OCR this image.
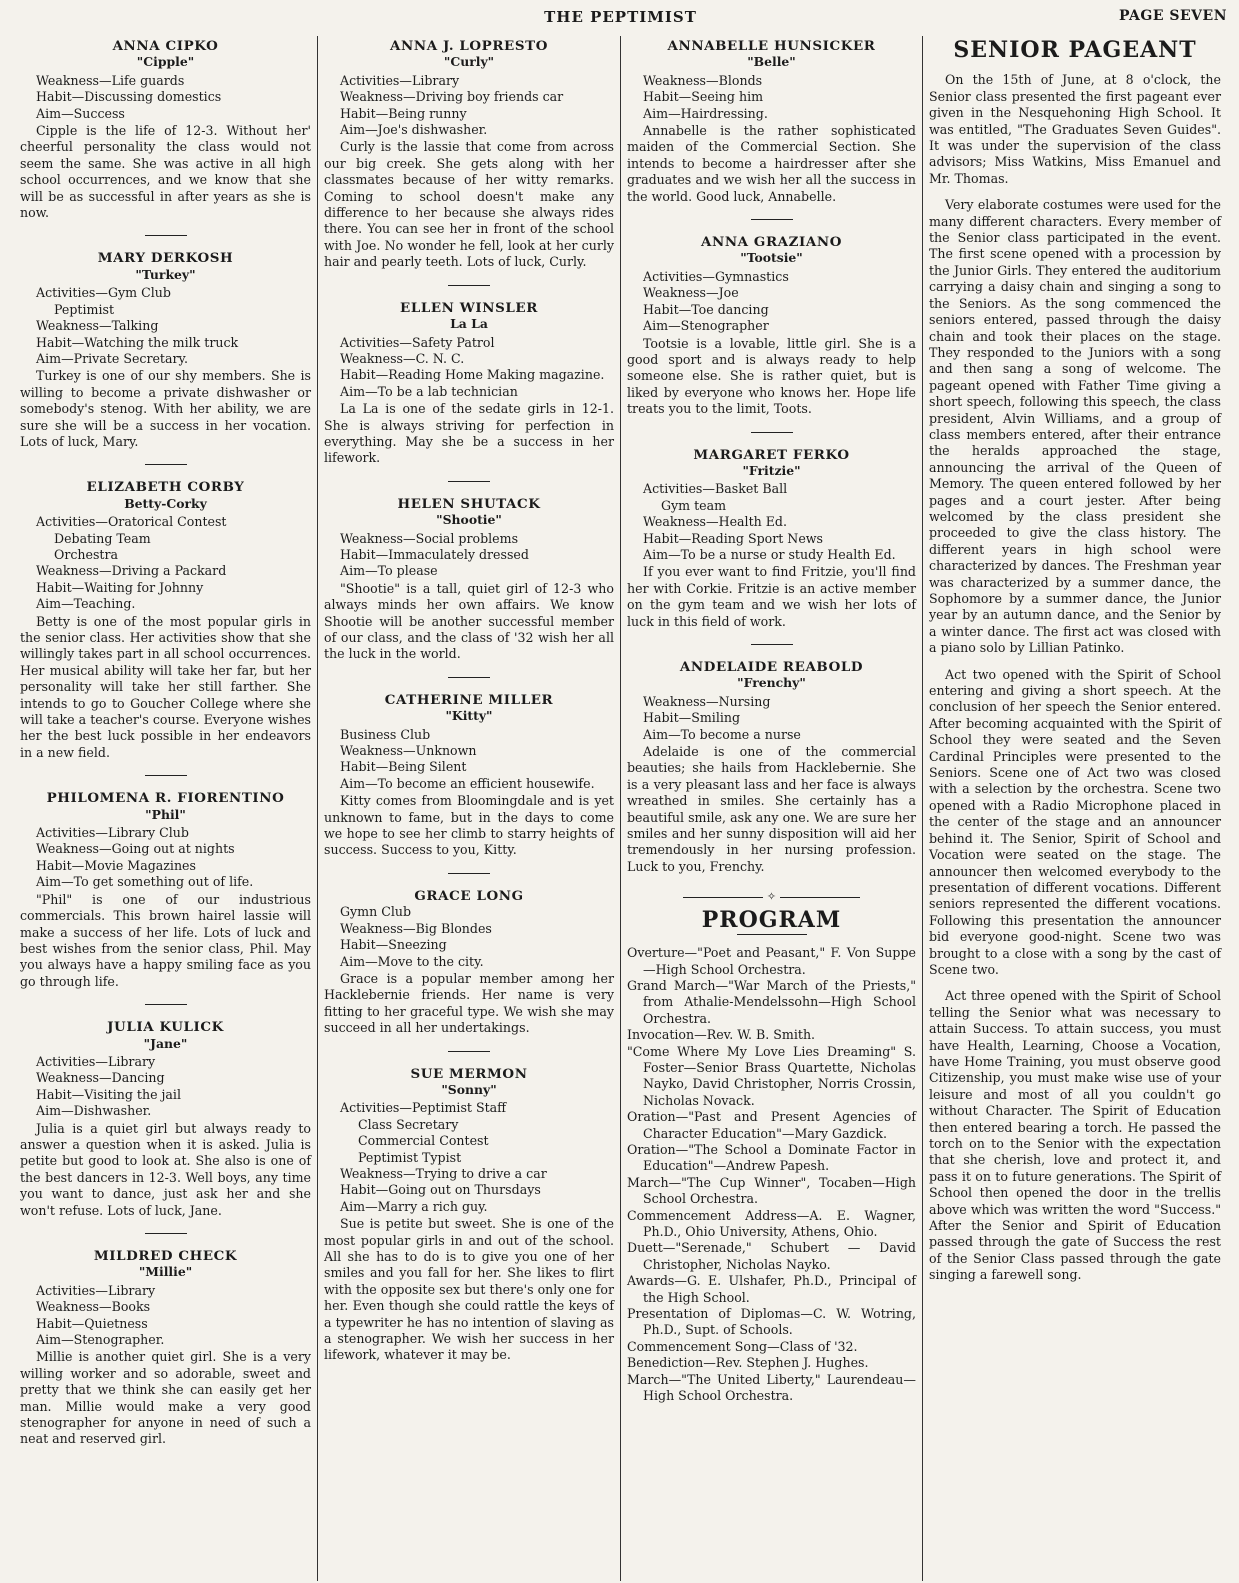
THE PEPTIMIST	PAGE SEVEN
ANNA CIPKO
"Cipple"
Weakness—Life guards
Habit—Discussing domestics
Aim—Success
Cipple is the life of 12-3. Without her' cheerful personality the class would not seem the same. She was active in all high school occurrences, and we know that she will be as successful in after years as she is now.
MARY DERKOSH
"Turkey"
Activities—Gym Club
Peptimist
Weakness—Talking
Habit—Watching the milk truck
Aim—Private Secretary.
Turkey is one of our shy members. She is willing to become a private dishwasher or somebody's stenog. With her ability, we are sure she will be a success in her vocation. Lots of luck, Mary.
ELIZABETH CORBY
Betty-Corky
Activities—Oratorical Contest
Debating Team
Orchestra
Weakness—Driving a Packard
Habit—Waiting for Johnny
Aim—Teaching.
Betty is one of the most popular girls in the senior class. Her activities show that she willingly takes part in all school occurrences. Her musical ability will take her far, but her personality will take her still farther. She intends to go to Goucher College where she will take a teacher's course. Everyone wishes her the best luck possible in her endeavors in a new field.
PHILOMENA R. FIORENTINO
"Phil"
Activities—Library Club
Weakness—Going out at nights
Habit—Movie Magazines
Aim—To get something out of life.
"Phil" is one of our industrious commercials. This brown hairel lassie will make a success of her life. Lots of luck and best wishes from the senior class, Phil. May you always have a happy smiling face as you go through life.
JULIA KULICK
"Jane"
Activities—Library
Weakness—Dancing
Habit—Visiting the jail
Aim—Dishwasher.
Julia is a quiet girl but always ready to answer a question when it is asked. Julia is petite but good to look at. She also is one of the best dancers in 12-3. Well boys, any time you want to dance, just ask her and she won't refuse. Lots of luck, Jane.
MILDRED CHECK
"Millie"
Activities—Library
Weakness—Books
Habit—Quietness
Aim—Stenographer.
Millie is another quiet girl. She is a very willing worker and so adorable, sweet and pretty that we think she can easily get her man. Millie would make a very good stenographer for anyone in need of such a neat and reserved girl.
ANNA J. LOPRESTO
"Curly"
Activities—Library
Weakness—Driving boy friends car
Habit—Being runny
Aim—Joe's dishwasher.
Curly is the lassie that come from across our big creek. She gets along with her classmates because of her witty remarks. Coming to school doesn't make any difference to her because she always rides there. You can see her in front of the school with Joe. No wonder he fell, look at her curly hair and pearly teeth. Lots of luck, Curly.
ELLEN WINSLER
La La
Activities—Safety Patrol
Weakness—C. N. C.
Habit—Reading Home Making magazine.
Aim—To be a lab technician
La La is one of the sedate girls in 12-1. She is always striving for perfection in everything. May she be a success in her lifework.
HELEN SHUTACK
"Shootie"
Weakness—Social problems
Habit—Immaculately dressed
Aim—To please
"Shootie" is a tall, quiet girl of 12-3 who always minds her own affairs. We know Shootie will be another successful member of our class, and the class of '32 wish her all the luck in the world.
CATHERINE MILLER
"Kitty"
Business Club
Weakness—Unknown
Habit—Being Silent
Aim—To become an efficient housewife.
Kitty comes from Bloomingdale and is yet unknown to fame, but in the days to come we hope to see her climb to starry heights of success. Success to you, Kitty.
GRACE LONG
Gymn Club
Weakness—Big Blondes
Habit—Sneezing
Aim—Move to the city.
Grace is a popular member among her Hacklebernie friends. Her name is very fitting to her graceful type. We wish she may succeed in all her undertakings.
SUE MERMON
"Sonny"
Activities—Peptimist Staff
Class Secretary
Commercial Contest
Peptimist Typist
Weakness—Trying to drive a car
Habit—Going out on Thursdays
Aim—Marry a rich guy.
Sue is petite but sweet. She is one of the most popular girls in and out of the school. All she has to do is to give you one of her smiles and you fall for her. She likes to flirt with the opposite sex but there's only one for her. Even though she could rattle the keys of a typewriter he has no intention of slaving as a stenographer. We wish her success in her lifework, whatever it may be.
ANNABELLE HUNSICKER
"Belle"
Weakness—Blonds
Habit—Seeing him
Aim—Hairdressing.
Annabelle is the rather sophisticated maiden of the Commercial Section. She intends to become a hairdresser after she graduates and we wish her all the success in the world. Good luck, Annabelle.
ANNA GRAZIANO
"Tootsie"
Activities—Gymnastics
Weakness—Joe
Habit—Toe dancing
Aim—Stenographer
Tootsie is a lovable, little girl. She is a good sport and is always ready to help someone else. She is rather quiet, but is liked by everyone who knows her. Hope life treats you to the limit, Toots.
MARGARET FERKO
"Fritzie"
Activities—Basket Ball
Gym team
Weakness—Health Ed.
Habit—Reading Sport News
Aim—To be a nurse or study Health Ed.
If you ever want to find Fritzie, you'll find her with Corkie. Fritzie is an active member on the gym team and we wish her lots of luck in this field of work.
ANDELAIDE REABOLD
"Frenchy"
Weakness—Nursing
Habit—Smiling
Aim—To become a nurse
Adelaide is one of the commercial beauties; she hails from Hacklebernie. She is a very pleasant lass and her face is always wreathed in smiles. She certainly has a beautiful smile, ask any one. We are sure her smiles and her sunny disposition will aid her tremendously in her nursing profession. Luck to you, Frenchy.
✧
PROGRAM
Overture—"Poet and Peasant," F. Von Suppe—High School Orchestra.
Grand March—"War March of the Priests," from Athalie-Mendelssohn—High School Orchestra.
Invocation—Rev. W. B. Smith.
"Come Where My Love Lies Dreaming" S. Foster—Senior Brass Quartette, Nicholas Nayko, David Christopher, Norris Crossin, Nicholas Novack.
Oration—"Past and Present Agencies of Character Education"—Mary Gazdick.
Oration—"The School a Dominate Factor in Education"—Andrew Papesh.
March—"The Cup Winner", Tocaben—High School Orchestra.
Commencement Address—A. E. Wagner, Ph.D., Ohio University, Athens, Ohio.
Duett—"Serenade," Schubert — David Christopher, Nicholas Nayko.
Awards—G. E. Ulshafer, Ph.D., Principal of the High School.
Presentation of Diplomas—C. W. Wotring, Ph.D., Supt. of Schools.
Commencement Song—Class of '32.
Benediction—Rev. Stephen J. Hughes.
March—"The United Liberty," Laurendeau—High School Orchestra.
SENIOR PAGEANT
On the 15th of June, at 8 o'clock, the Senior class presented the first pageant ever given in the Nesquehoning High School. It was entitled, "The Graduates Seven Guides". It was under the supervision of the class advisors; Miss Watkins, Miss Emanuel and Mr. Thomas.
Very elaborate costumes were used for the many different characters. Every member of the Senior class participated in the event. The first scene opened with a procession by the Junior Girls. They entered the auditorium carrying a daisy chain and singing a song to the Seniors. As the song commenced the seniors entered, passed through the daisy chain and took their places on the stage. They responded to the Juniors with a song and then sang a song of welcome. The pageant opened with Father Time giving a short speech, following this speech, the class president, Alvin Williams, and a group of class members entered, after their entrance the heralds approached the stage, announcing the arrival of the Queen of Memory. The queen entered followed by her pages and a court jester. After being welcomed by the class president she proceeded to give the class history. The different years in high school were characterized by dances. The Freshman year was characterized by a summer dance, the Sophomore by a summer dance, the Junior year by an autumn dance, and the Senior by a winter dance. The first act was closed with a piano solo by Lillian Patinko.
Act two opened with the Spirit of School entering and giving a short speech. At the conclusion of her speech the Senior entered. After becoming acquainted with the Spirit of School they were seated and the Seven Cardinal Principles were presented to the Seniors. Scene one of Act two was closed with a selection by the orchestra. Scene two opened with a Radio Microphone placed in the center of the stage and an announcer behind it. The Senior, Spirit of School and Vocation were seated on the stage. The announcer then welcomed everybody to the presentation of different vocations. Different seniors represented the different vocations. Following this presentation the announcer bid everyone good-night. Scene two was brought to a close with a song by the cast of Scene two.
Act three opened with the Spirit of School telling the Senior what was necessary to attain Success. To attain success, you must have Health, Learning, Choose a Vocation, have Home Training, you must observe good Citizenship, you must make wise use of your leisure and most of all you couldn't go without Character. The Spirit of Education then entered bearing a torch. He passed the torch on to the Senior with the expectation that she cherish, love and protect it, and pass it on to future generations. The Spirit of School then opened the door in the trellis above which was written the word "Success." After the Senior and Spirit of Education passed through the gate of Success the rest of the Senior Class passed through the gate singing a farewell song.
